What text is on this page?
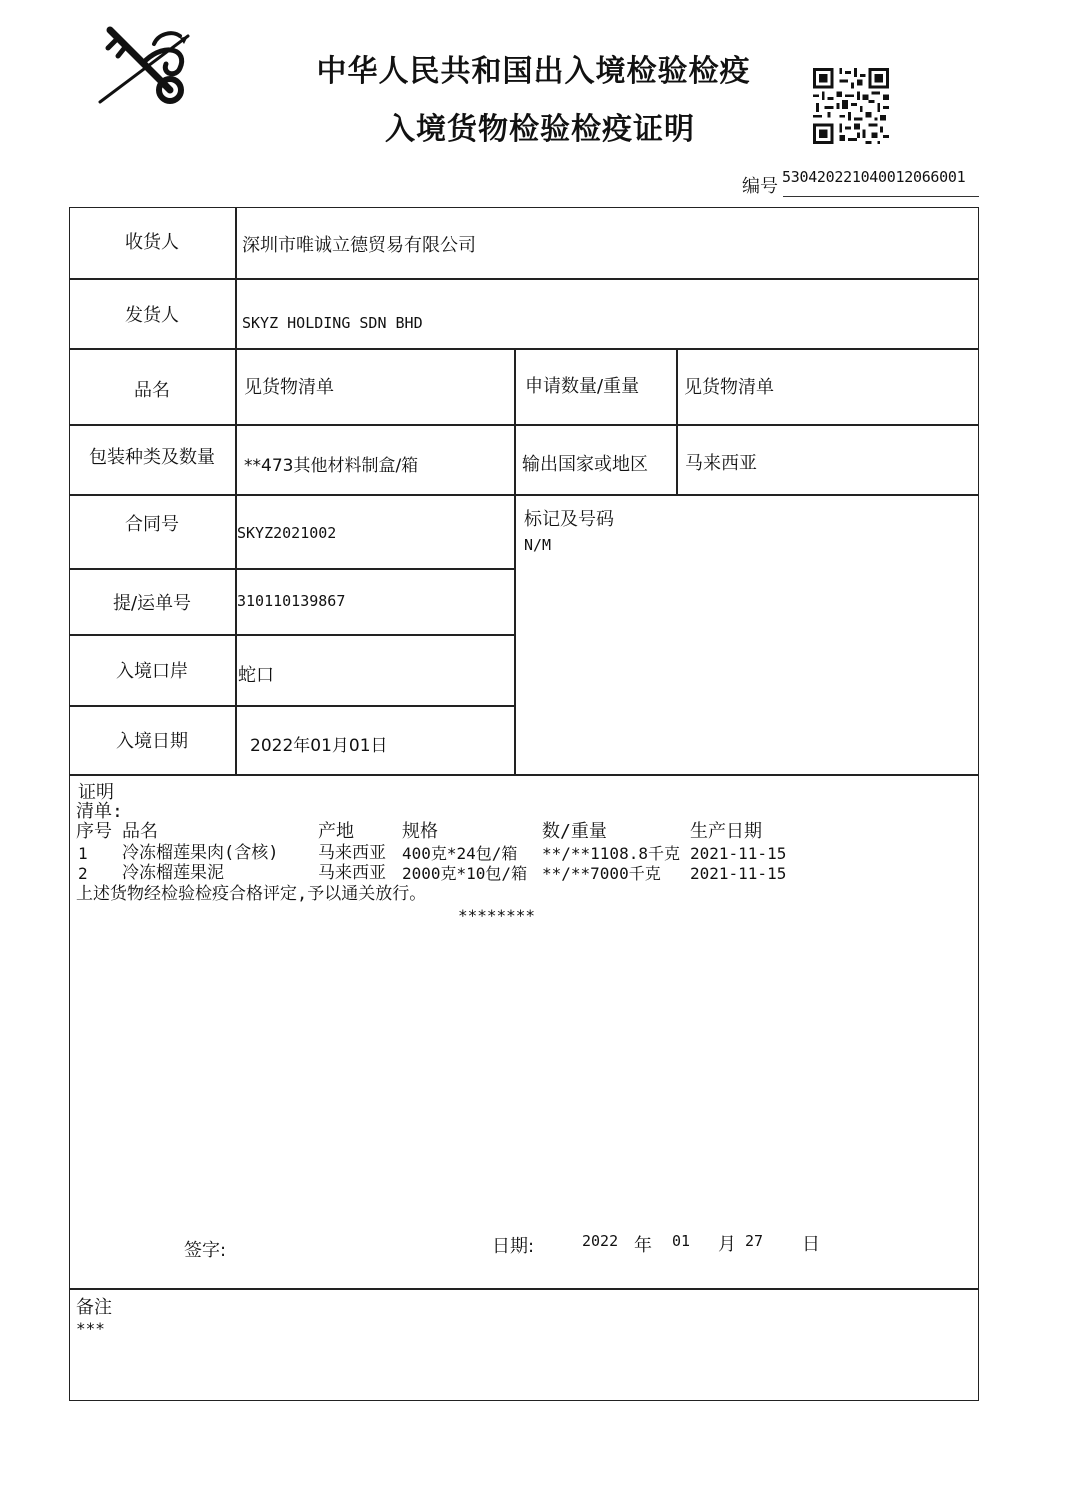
中华人民共和国出入境检验检疫
入境货物检验检疫证明
编号 530420221040012066001
收货人	深圳市唯诚立德贸易有限公司
发货人	SKYZ HOLDING SDN BHD
品名	见货物清单	申请数量/重量 见货物清单
包装种类及数量	**473其他材料制盒/箱	输出国家或地区 马来西亚
合同号	SKYZ2021002
标记及号码
N/M
提/运单号	310110139867
入境口岸	蛇口
入境日期	2022年01月01日
证明
清单:
序号 品名	产地	规格	数/重量	生产日期
1 冷冻榴莲果肉(含核) 马来西亚 400克*24包/箱 **/**1108.8千克 2021-11-15
2 冷冻榴莲果泥	马来西亚 2000克*10包/箱 **/**7000千克 2021-11-15
上述货物经检验检疫合格评定,予以通关放行。
********
签字:	日期:	2022 年 01 月 27 日
备注
***
